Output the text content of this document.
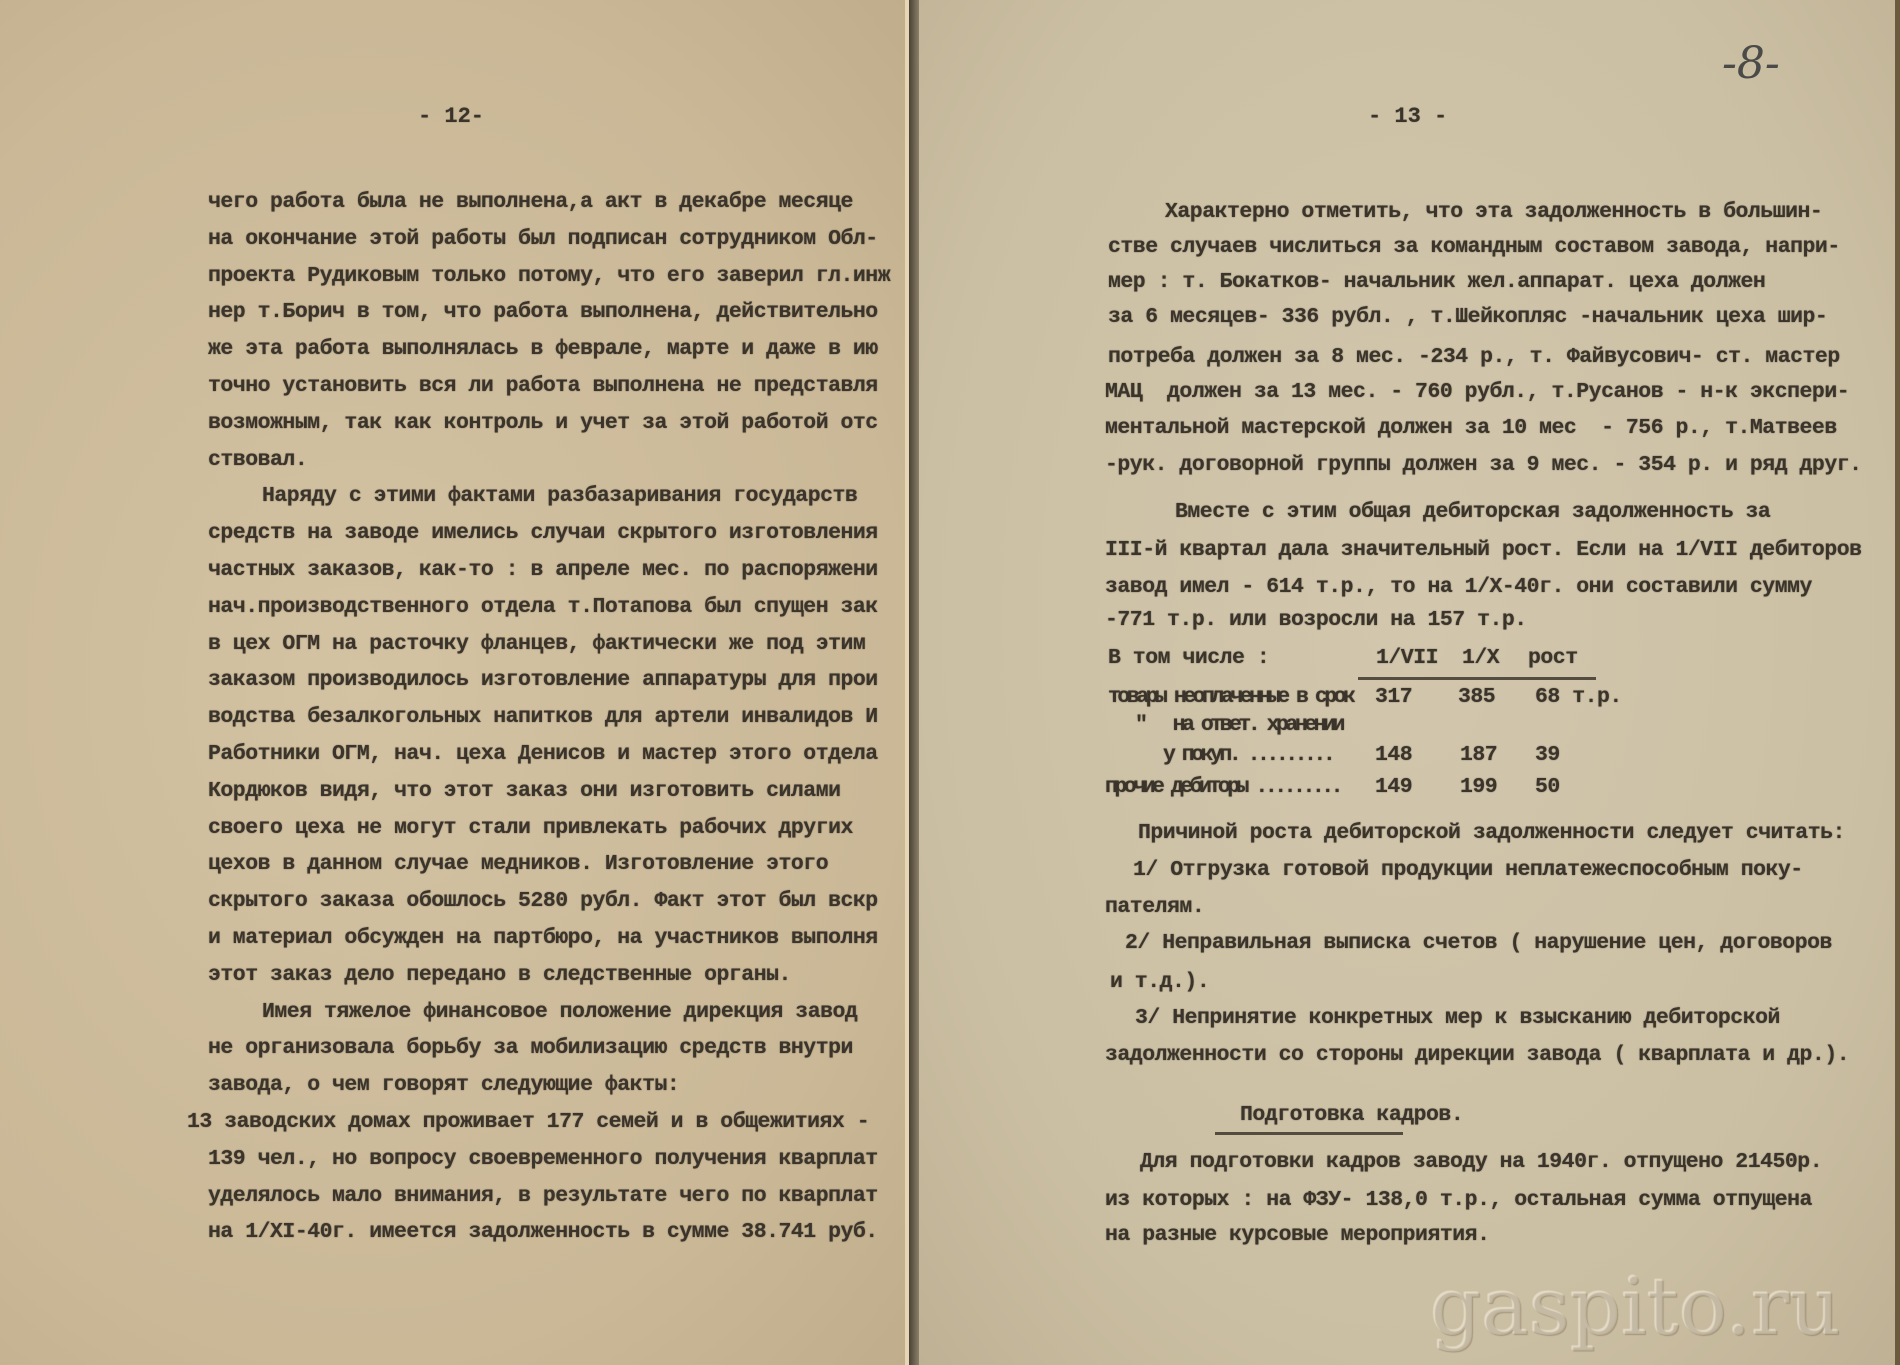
- 12-
чего работа была не выполнена,а акт в декабре месяце
на окончание этой работы был подписан сотрудником Обл-
проекта Рудиковым только потому, что его заверил гл.инж
нер т.Борич в том, что работа выполнена, действительно
же эта работа выполнялась в феврале, марте и даже в ию
точно установить вся ли работа выполнена не представля
возможным, так как контроль и учет за этой работой отс
ствовал.
Наряду с этими фактами разбазаривания государств
средств на заводе имелись случаи скрытого изготовления
частных заказов, как-то : в апреле мес. по распоряжени
нач.производственного отдела т.Потапова был спущен зак
в цех ОГМ на расточку фланцев, фактически же под этим
заказом производилось изготовление аппаратуры для прои
водства безалкогольных напитков для артели инвалидов И
Работники ОГМ, нач. цеха Денисов и мастер этого отдела
Кордюков видя, что этот заказ они изготовить силами
своего цеха не могут стали привлекать рабочих других
цехов в данном случае медников. Изготовление этого
скрытого заказа обошлось 5280 рубл. Факт этот был вскр
и материал обсужден на партбюро, на участников выполня
этот заказ дело передано в следственные органы.
Имея тяжелое финансовое положение дирекция завод
не организовала борьбу за мобилизацию средств внутри
завода, о чем говорят следующие факты:
13 заводских домах проживает 177 семей и в общежитиях -
139 чел., но вопросу своевременного получения кварплат
уделялось мало внимания, в результате чего по кварплат
на 1/XI-40г. имеется задолженность в сумме 38.741 руб.
- 13 -
-8-
Характерно отметить, что эта задолженность в большин-
стве случаев числиться за командным составом завода, напри-
мер : т. Бокатков- начальник жел.аппарат. цеха должен
за 6 месяцев- 336 рубл. , т.Шейкопляс -начальник цеха шир-
потреба должен за 8 мес. -234 р., т. Файвусович- ст. мастер
МАЦ  должен за 13 мес. - 760 рубл., т.Русанов - н-к экспери-
ментальной мастерской должен за 10 мес  - 756 р., т.Матвеев
-рук. договорной группы должен за 9 мес. - 354 р. и ряд друг.
Вместе с этим общая дебиторская задолженность за
III-й квартал дала значительный рост. Если на 1/VII дебиторов
завод имел - 614 т.р., то на 1/X-40г. они составили сумму
-771 т.р. или возросли на 157 т.р.
Причиной роста дебиторской задолженности следует считать:
1/ Отгрузка готовой продукции неплатежеспособным поку-
пателям.
2/ Неправильная выписка счетов ( нарушение цен, договоров
и т.д.).
3/ Непринятие конкретных мер к взысканию дебиторской
задолженности со стороны дирекции завода ( кварплата и др.).
Для подготовки кадров заводу на 1940г. отпущено 21450р.
из которых : на ФЗУ- 138,0 т.р., остальная сумма отпущена
на разные курсовые мероприятия.
В том числе :	1/VII 1/X рост
товары неоплаченные в срок 317 385 68 т.р.
"   на ответ. хранении
у покуп. ......... 148 187 39
прочие дебиторы ......... 149 199 50
Подготовка кадров.
gaspito.ru
